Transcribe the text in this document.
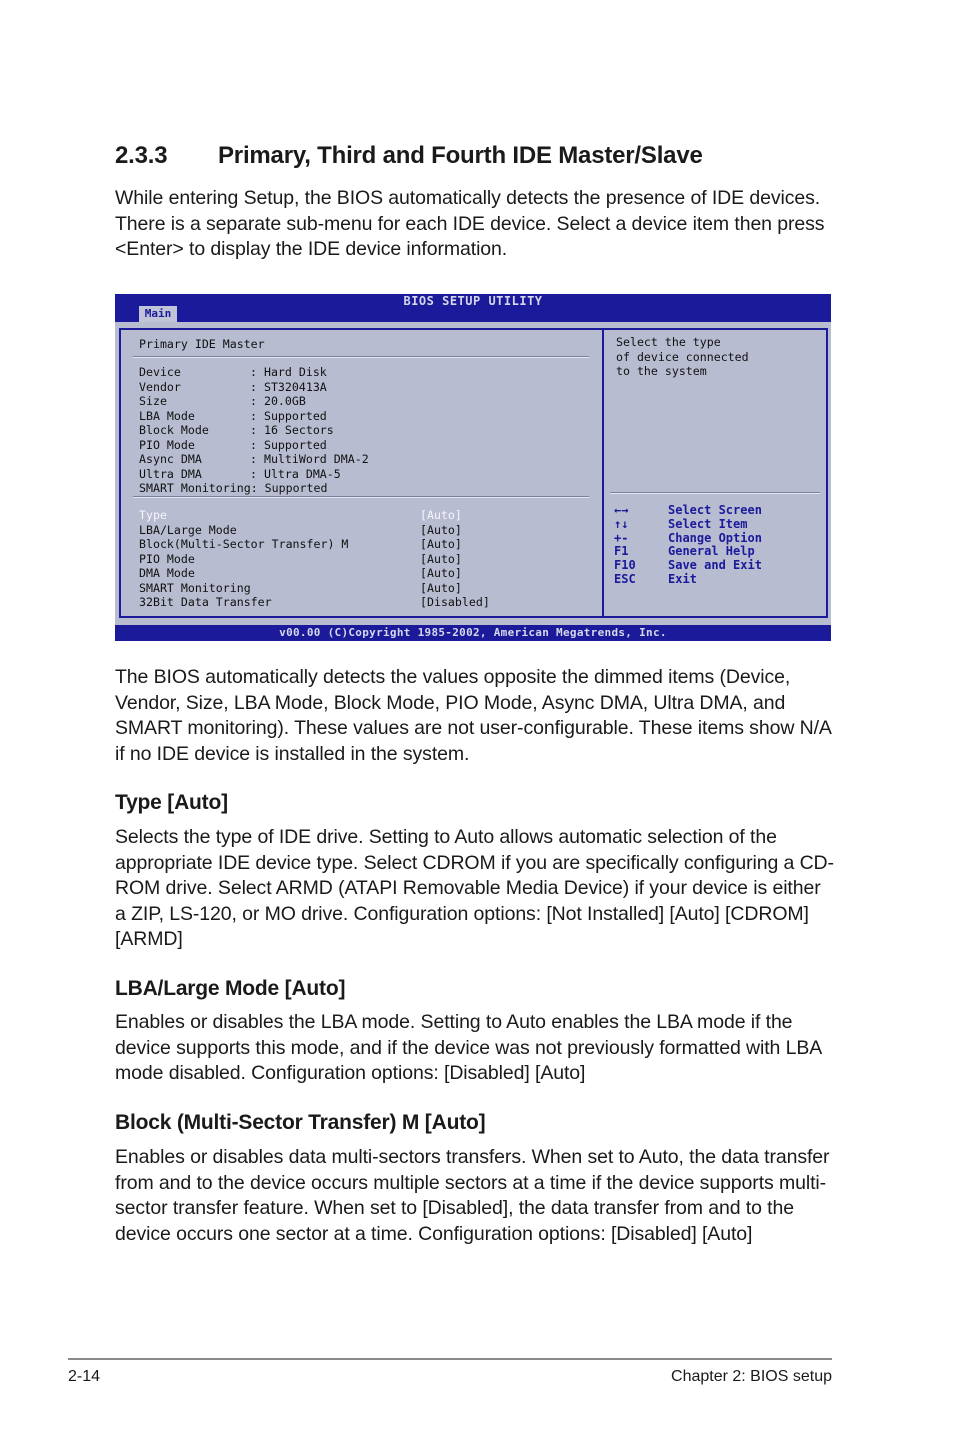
2.3.3 Primary, Third and Fourth IDE Master/Slave

While entering Setup, the BIOS automatically detects the presence of IDE devices. There is a separate sub-menu for each IDE device. Select a device item then press <Enter> to display the IDE device information.

BIOS SETUP UTILITY
Main
Primary IDE Master
Device	: Hard Disk
Vendor	: ST320413A
Size	: 20.0GB
LBA Mode	: Supported
Block Mode	: 16 Sectors
PIO Mode	: Supported
Async DMA	: MultiWord DMA-2
Ultra DMA	: Ultra DMA-5
SMART Monitoring: Supported
Type	[Auto]
LBA/Large Mode	[Auto]
Block(Multi-Sector Transfer) M	[Auto]
PIO Mode	[Auto]
DMA Mode	[Auto]
SMART Monitoring	[Auto]
32Bit Data Transfer	[Disabled]
Select the type
of device connected
to the system
←→	Select Screen
↑↓	Select Item
+-	Change Option
F1	General Help
F10	Save and Exit
ESC	Exit
v00.00 (C)Copyright 1985-2002, American Megatrends, Inc.

The BIOS automatically detects the values opposite the dimmed items (Device, Vendor, Size, LBA Mode, Block Mode, PIO Mode, Async DMA, Ultra DMA, and SMART monitoring). These values are not user-configurable. These items show N/A if no IDE device is installed in the system.

Type [Auto]

Selects the type of IDE drive. Setting to Auto allows automatic selection of the appropriate IDE device type. Select CDROM if you are specifically configuring a CD-ROM drive. Select ARMD (ATAPI Removable Media Device) if your device is either a ZIP, LS-120, or MO drive. Configuration options: [Not Installed] [Auto] [CDROM] [ARMD]

LBA/Large Mode [Auto]

Enables or disables the LBA mode. Setting to Auto enables the LBA mode if the device supports this mode, and if the device was not previously formatted with LBA mode disabled. Configuration options: [Disabled] [Auto]

Block (Multi-Sector Transfer) M [Auto]

Enables or disables data multi-sectors transfers. When set to Auto, the data transfer from and to the device occurs multiple sectors at a time if the device supports multi-sector transfer feature. When set to [Disabled], the data transfer from and to the device occurs one sector at a time. Configuration options: [Disabled] [Auto]

2-14	Chapter 2: BIOS setup
